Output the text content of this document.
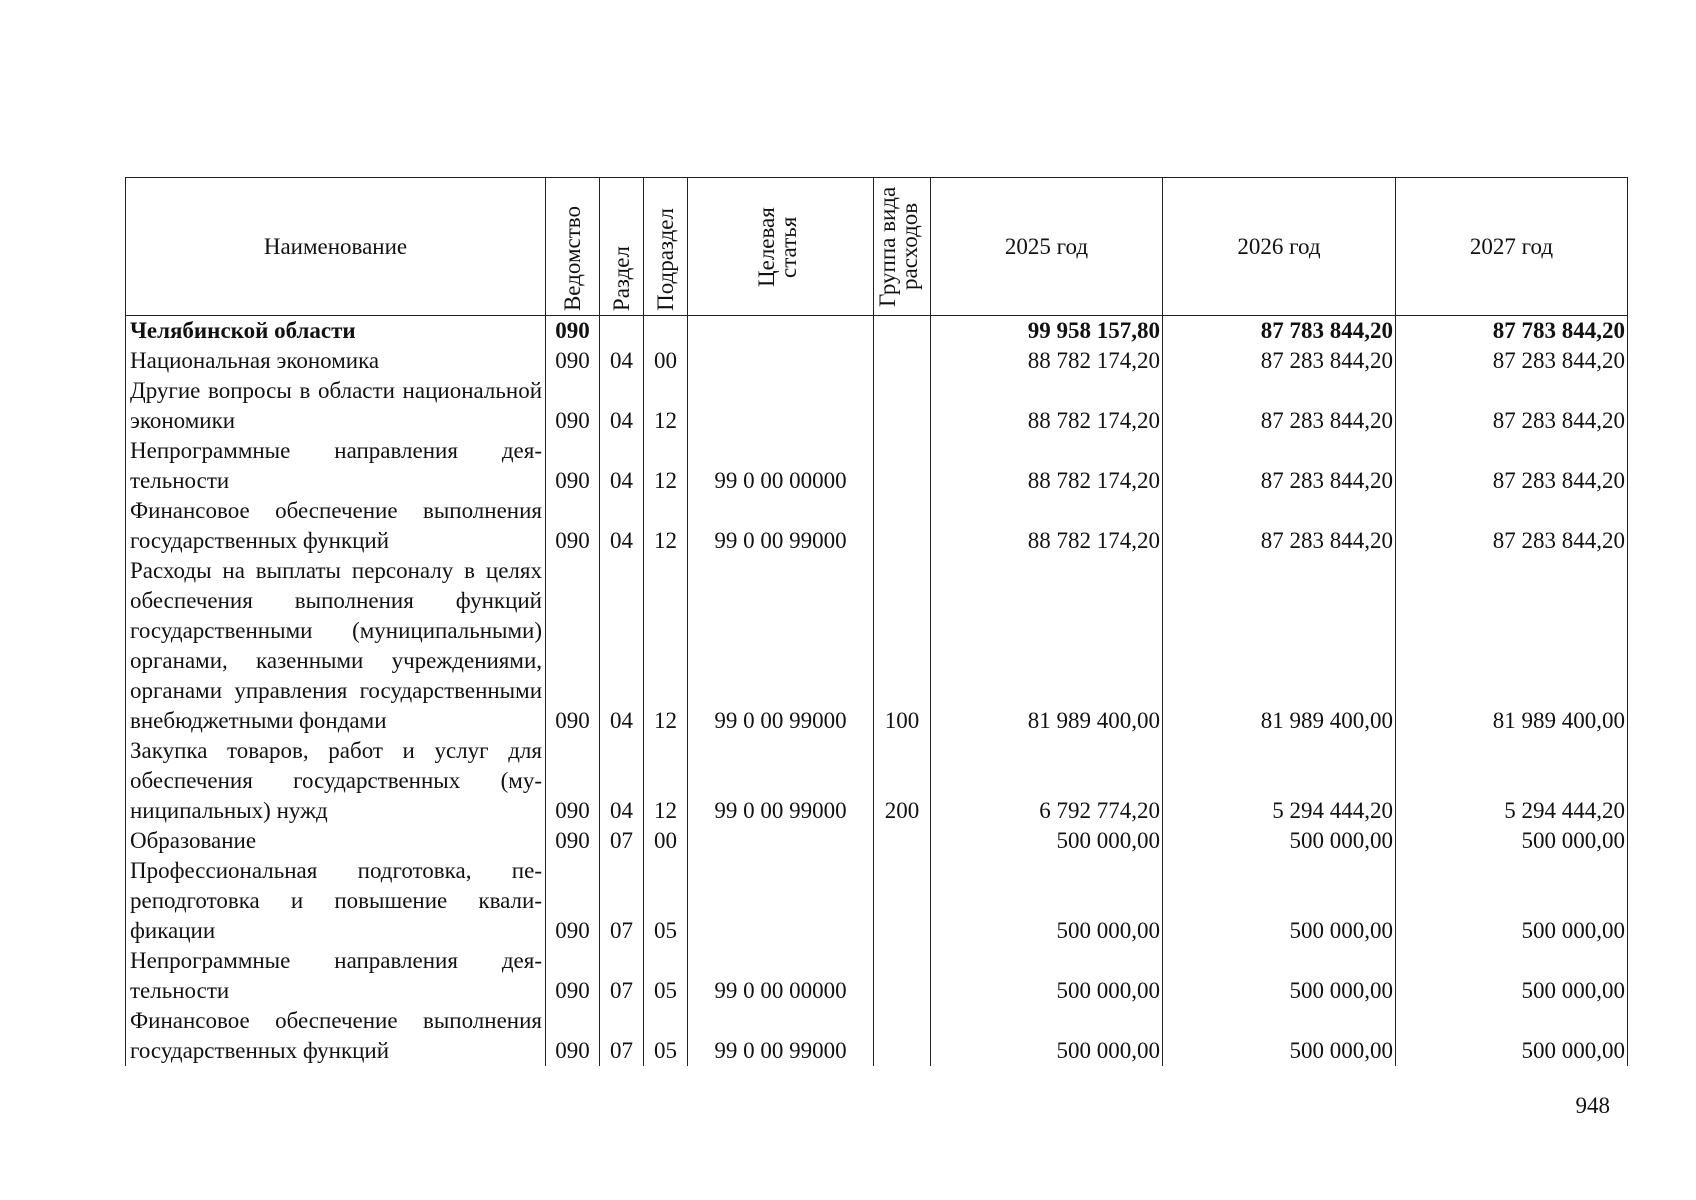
Наименование	Ведомство	Раздел	Подраздел	Целевая статья	Группа вида расходов	2025 год	2026 год	2027 год
Челябинской области	090					99 958 157,80	87 783 844,20	87 783 844,20
Национальная экономика	090	04	00			88 782 174,20	87 283 844,20	87 283 844,20
Другие вопросы в области национальной экономики	090	04	12			88 782 174,20	87 283 844,20	87 283 844,20
Непрограммные направления деятельности	090	04	12	99 0 00 00000		88 782 174,20	87 283 844,20	87 283 844,20
Финансовое обеспечение выполнения государственных функций	090	04	12	99 0 00 99000		88 782 174,20	87 283 844,20	87 283 844,20
Расходы на выплаты персоналу в целях обеспечения выполнения функций государственными (муниципальными) органами, казенными учреждениями, органами управления государственными внебюджетными фондами	090	04	12	99 0 00 99000	100	81 989 400,00	81 989 400,00	81 989 400,00
Закупка товаров, работ и услуг для обеспечения государственных (муниципальных) нужд	090	04	12	99 0 00 99000	200	6 792 774,20	5 294 444,20	5 294 444,20
Образование	090	07	00			500 000,00	500 000,00	500 000,00
Профессиональная подготовка, переподготовка и повышение квалификации	090	07	05			500 000,00	500 000,00	500 000,00
Непрограммные направления деятельности	090	07	05	99 0 00 00000		500 000,00	500 000,00	500 000,00
Финансовое обеспечение выполнения государственных функций	090	07	05	99 0 00 99000		500 000,00	500 000,00	500 000,00
948
